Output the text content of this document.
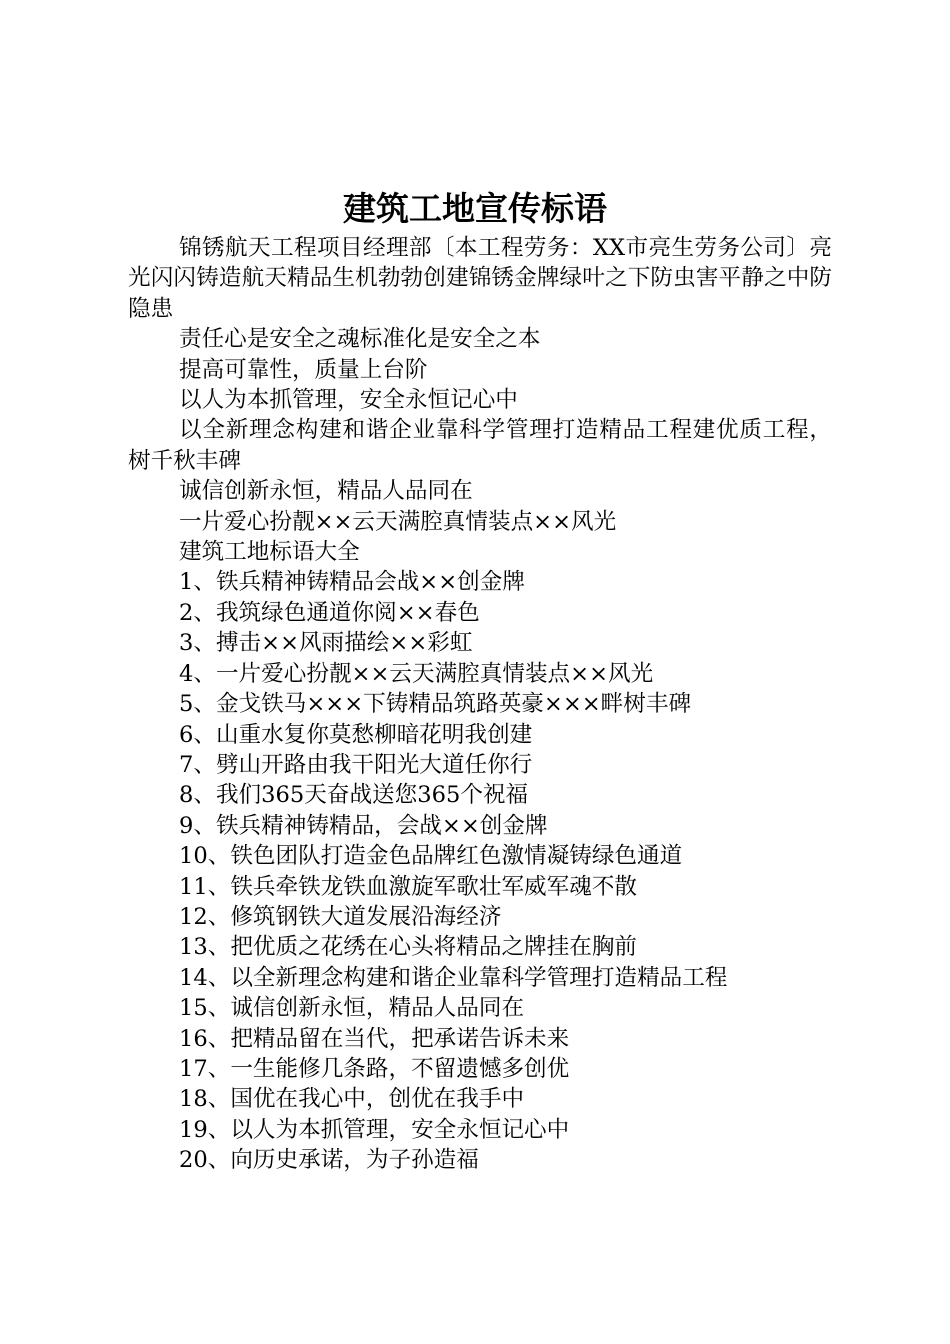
建筑工地宣传标语

锦锈航天工程项目经理部〔本工程劳务：XX市亮生劳务公司〕亮光闪闪铸造航天精品生机勃勃创建锦锈金牌绿叶之下防虫害平静之中防隐患

责任心是安全之魂标准化是安全之本

提高可靠性，质量上台阶

以人为本抓管理，安全永恒记心中

以全新理念构建和谐企业靠科学管理打造精品工程建优质工程，树千秋丰碑

诚信创新永恒，精品人品同在

一片爱心扮靓××云天满腔真情装点××风光

建筑工地标语大全

1、铁兵精神铸精品会战××创金牌

2、我筑绿色通道你阅××春色

3、搏击××风雨描绘××彩虹

4、一片爱心扮靓××云天满腔真情装点××风光

5、金戈铁马×××下铸精品筑路英豪×××畔树丰碑

6、山重水复你莫愁柳暗花明我创建

7、劈山开路由我干阳光大道任你行

8、我们365天奋战送您365个祝福

9、铁兵精神铸精品，会战××创金牌

10、铁色团队打造金色品牌红色激情凝铸绿色通道

11、铁兵牵铁龙铁血激旋军歌壮军威军魂不散

12、修筑钢铁大道发展沿海经济

13、把优质之花绣在心头将精品之牌挂在胸前

14、以全新理念构建和谐企业靠科学管理打造精品工程

15、诚信创新永恒，精品人品同在

16、把精品留在当代，把承诺告诉未来

17、一生能修几条路，不留遗憾多创优

18、国优在我心中，创优在我手中

19、以人为本抓管理，安全永恒记心中

20、向历史承诺，为子孙造福
